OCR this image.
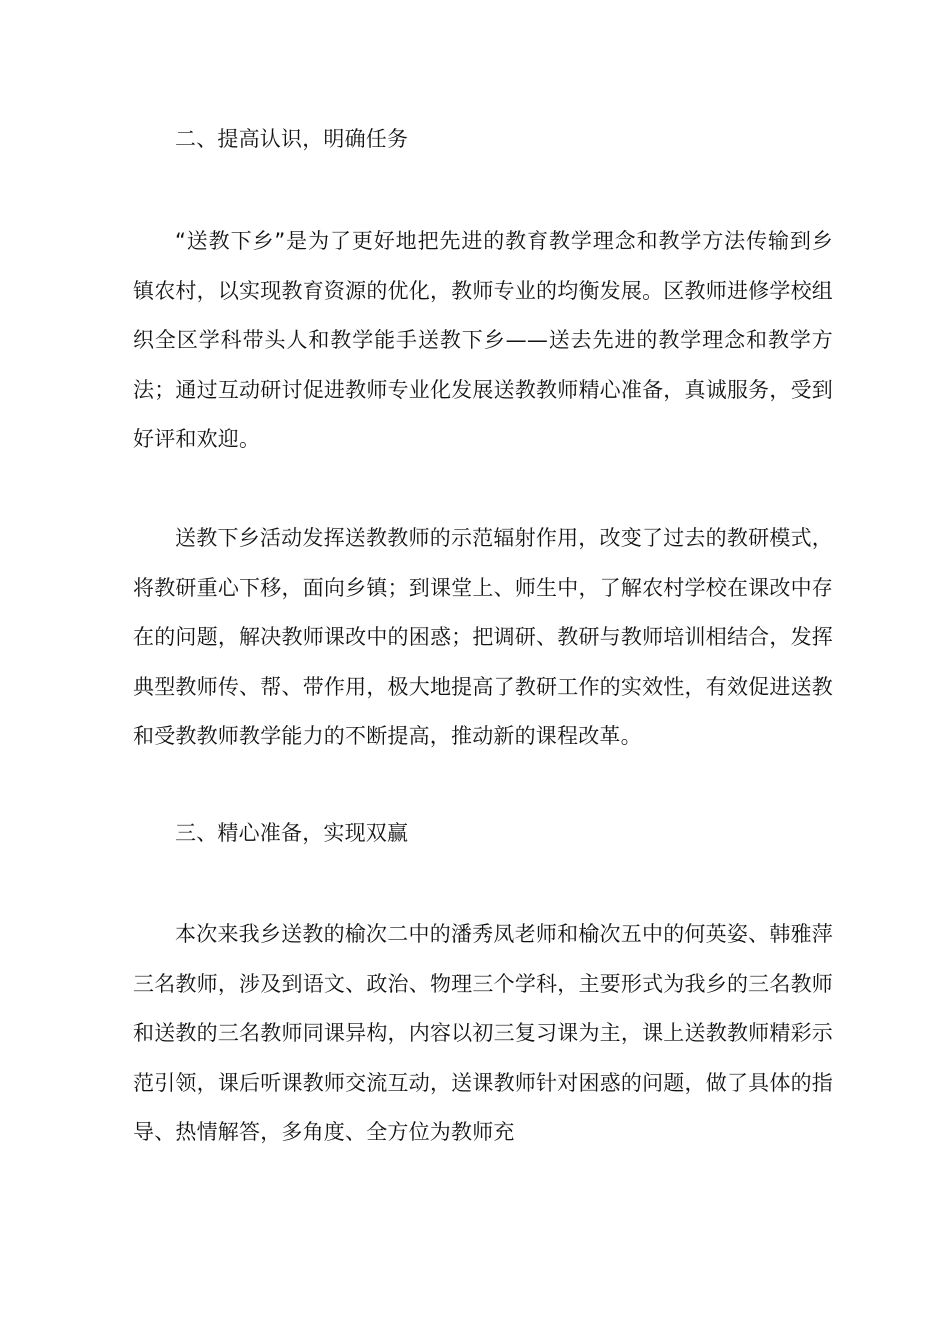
二、提高认识，明确任务

“送教下乡”是为了更好地把先进的教育教学理念和教学方法传输到乡镇农村，以实现教育资源的优化，教师专业的均衡发展。区教师进修学校组织全区学科带头人和教学能手送教下乡——送去先进的教学理念和教学方法；通过互动研讨促进教师专业化发展送教教师精心准备，真诚服务，受到好评和欢迎。

送教下乡活动发挥送教教师的示范辐射作用，改变了过去的教研模式，将教研重心下移，面向乡镇；到课堂上、师生中，了解农村学校在课改中存在的问题，解决教师课改中的困惑；把调研、教研与教师培训相结合，发挥典型教师传、帮、带作用，极大地提高了教研工作的实效性，有效促进送教和受教教师教学能力的不断提高，推动新的课程改革。

三、精心准备，实现双赢

本次来我乡送教的榆次二中的潘秀凤老师和榆次五中的何英姿、韩雅萍三名教师，涉及到语文、政治、物理三个学科，主要形式为我乡的三名教师和送教的三名教师同课异构，内容以初三复习课为主，课上送教教师精彩示范引领，课后听课教师交流互动，送课教师针对困惑的问题，做了具体的指导、热情解答，多角度、全方位为教师充
